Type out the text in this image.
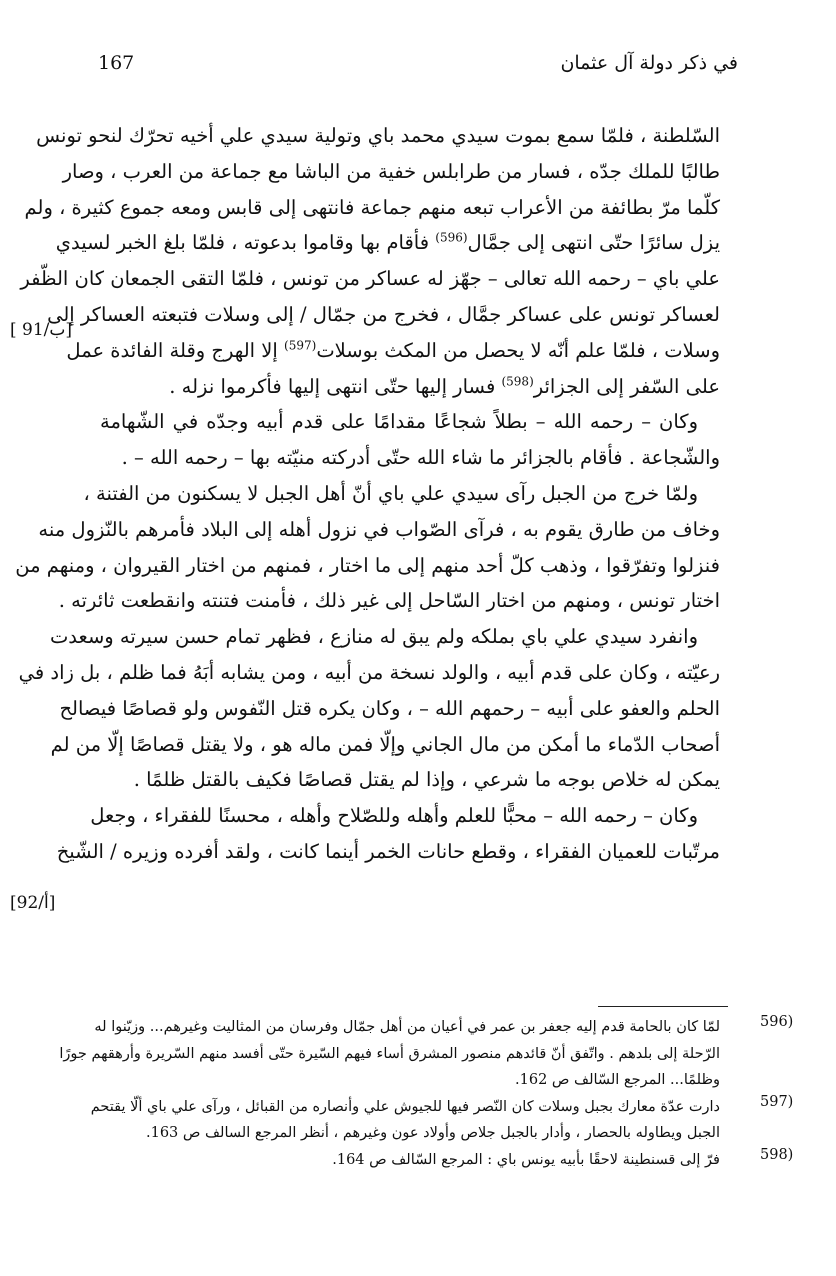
167	في ذكر دولة آل عثمان
السّلطنة ، فلمّا سمع بموت سيدي محمد باي وتولية سيدي علي أخيه تحرّك لنحو تونس
طالبًا للملك جدّه ، فسار من طرابلس خفية من الباشا مع جماعة من العرب ، وصار
كلّما مرّ بطائفة من الأعراب تبعه منهم جماعة فانتهى إلى قابس ومعه جموع كثيرة ، ولم
يزل سائرًا حتّى انتهى إلى جمَّال$^{(596)}$ فأقام بها وقاموا بدعوته ، فلمّا بلغ الخبر لسيدي
علي باي – رحمه الله تعالى – جهّز له عساكر من تونس ، فلمّا التقى الجمعان كان الظّفر
لعساكر تونس على عساكر جمَّال ، فخرج من جمّال / إلى وسلات فتبعته العساكر إلى
وسلات ، فلمّا علم أنّه لا يحصل من المكث بوسلات$^{(597)}$ إلا الهرج وقلة الفائدة عمل
على السّفر إلى الجزائر$^{(598)}$ فسار إليها حتّى انتهى إليها فأكرموا نزله .
وكان – رحمه الله – بطلاً شجاعًا مقدامًا على قدم أبيه وجدّه في الشّهامة
والشّجاعة . فأقام بالجزائر ما شاء الله حتّى أدركته منيّته بها – رحمه الله – .
ولمّا خرج من الجبل رآى سيدي علي باي أنّ أهل الجبل لا يسكنون من الفتنة ،
وخاف من طارق يقوم به ، فرآى الصّواب في نزول أهله إلى البلاد فأمرهم بالنّزول منه
فنزلوا وتفرّقوا ، وذهب كلّ أحد منهم إلى ما اختار ، فمنهم من اختار القيروان ، ومنهم من
اختار تونس ، ومنهم من اختار السّاحل إلى غير ذلك ، فأمنت فتنته وانقطعت ثائرته .
وانفرد سيدي علي باي بملكه ولم يبق له منازع ، فظهر تمام حسن سيرته وسعدت
رعيّته ، وكان على قدم أبيه ، والولد نسخة من أبيه ، ومن يشابه أبَهُ فما ظلم ، بل زاد في
الحلم والعفو على أبيه – رحمهم الله – ، وكان يكره قتل النّفوس ولو قصاصًا فيصالح
أصحاب الدّماء ما أمكن من مال الجاني وإلّا فمن ماله هو ، ولا يقتل قصاصًا إلّا من لم
يمكن له خلاص بوجه ما شرعي ، وإذا لم يقتل قصاصًا فكيف بالقتل ظلمًا .
وكان – رحمه الله – محبًّا للعلم وأهله وللصّلاح وأهله ، محسنًا للفقراء ، وجعل
مرتّبات للعميان الفقراء ، وقطع حانات الخمر أينما كانت ، ولقد أفرده وزيره / الشّيخ
[ 91/ب]
[92/أ]
لمّا كان بالحامة قدم إليه جعفر بن عمر في أعيان من أهل جمّال وفرسان من المثاليت وغيرهم... وزيّنوا له
الرّحلة إلى بلدهم . واتّفق أنّ قائدهم منصور المشرق أساء فيهم السّيرة حتّى أفسد منهم السّريرة وأرهقهم جورًا
وظلمًا... المرجع السّالف ص 162.
دارت عدّة معارك بجبل وسلات كان النّصر فيها للجيوش علي وأنصاره من القبائل ، ورآى علي باي ألّا يقتحم
الجبل ويطاوله بالحصار ، وأدار بالجبل جلاص وأولاد عون وغيرهم ، أنظر المرجع السالف ص 163.
فرّ إلى قسنطينة لاحقًا بأبيه يونس باي : المرجع السّالف ص 164.
596)
597)
598)
